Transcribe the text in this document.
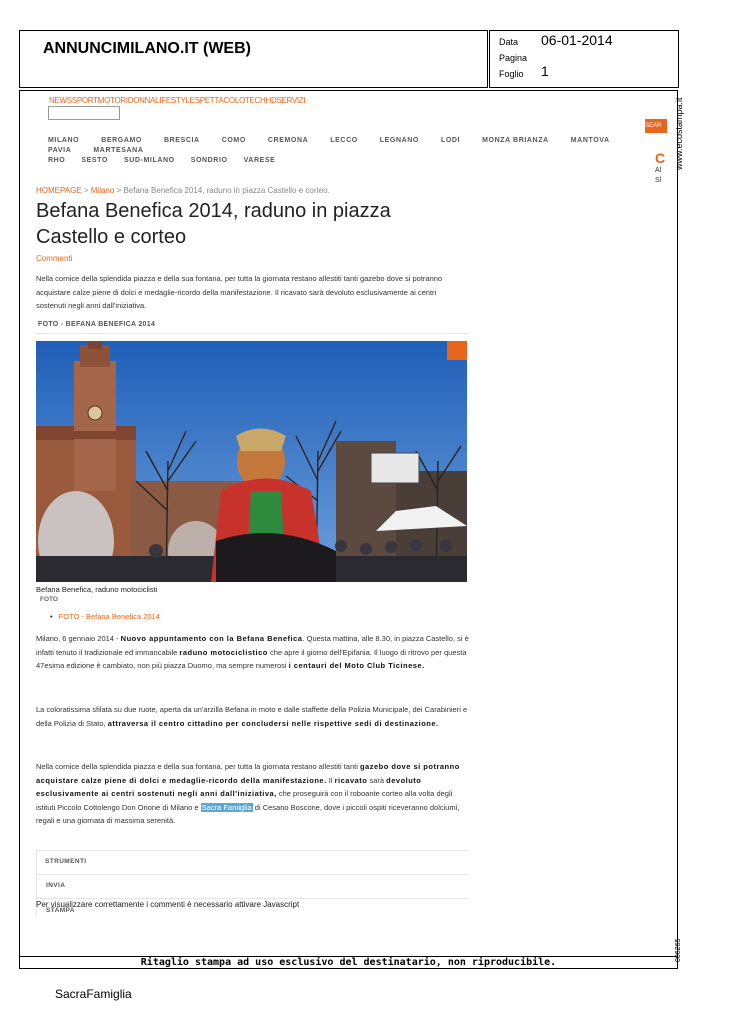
ANNUNCIMILANO.IT (WEB)	Data 06-01-2014
Pagina
Foglio 1
www.ecostampa.it
006265
NEWSSPORTMOTORIDONNALIFESTYLESPETTACOLOTECHHDSERVIZI
SEAR
MILANO	BERGAMO	BRESCIA	COMO	CREMONA	LECCO	LEGNANO	LODI	MONZA BRIANZA	MANTOVAPAVIA	MARTESANA
RHO SESTO SUD-MILANO SONDRIO VARESE	C
Al
Sl
HOMEPAGE > Milano > Befana Benefica 2014, raduno in piazza Castello e corteo.
Befana Benefica 2014, raduno in piazza Castello e corteo
Commenti
Nella cornice della splendida piazza e della sua fontana, per tutta la giornata restano allestiti tanti gazebo dove si potranno acquistare calze piene di dolci e medaglie-ricordo della manifestazione. Il ricavato sarà devoluto esclusivamente ai centri sostenuti negli anni dall'iniziativa.
FOTO - BEFANA BENEFICA 2014
Befana Benefica, raduno motociclisti
FOTO
• FOTO - Befana Benefica 2014
Milano, 6 gennaio 2014 - Nuovo appuntamento con la Befana Benefica. Questa mattina, alle 8.30, in piazza Castello, si è infatti tenuto il tradizionale ed immancabile raduno motociclistico che apre il giorno dell'Epifania. Il luogo di ritrovo per questa 47esima edizione è cambiato, non più piazza Duomo, ma sempre numerosi i centauri del Moto Club Ticinese.
La coloratissima sfilata su due ruote, aperta da un'arzilla Befana in moto e dalle staffette della Polizia Municipale, dei Carabinieri e della Polizia di Stato, attraversa il centro cittadino per concludersi nelle rispettive sedi di destinazione.
Nella cornice della splendida piazza e della sua fontana, per tutta la giornata restano allestiti tanti gazebo dove si potranno acquistare calze piene di dolci e medaglie-ricordo della manifestazione. Il ricavato sarà devoluto esclusivamente ai centri sostenuti negli anni dall'iniziativa, che proseguirà con il roboante corteo alla volta degli istituti Piccolo Cottolengo Don Orione di Milano e Sacra Famiglia di Cesano Boscone, dove i piccoli ospiti riceveranno dolciumi, regali e una giornata di massima serenità.
STRUMENTI
INVIA
STAMPA
Per visualizzare correttamente i commenti è necessario attivare Javascript
Ritaglio stampa ad uso esclusivo del destinatario, non riproducibile.
SacraFamiglia
